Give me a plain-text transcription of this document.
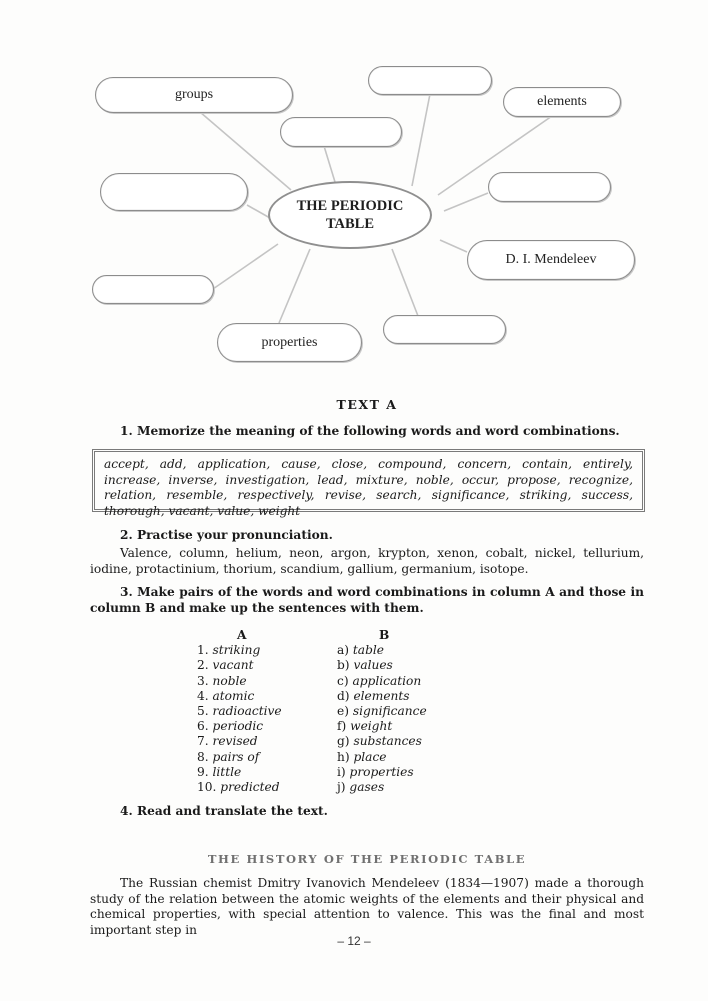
groups	elements
D. I. Mendeleev
properties
THE PERIODIC
TABLE
TEXT A
1. Memorize the meaning of the following words and word combinations.
accept, add, application, cause, close, compound, concern, contain, entirely, increase, inverse, investigation, lead, mixture, noble, occur, propose, recognize, relation, resemble, respectively, revise, search, significance, striking, success, thorough, vacant, value, weight
2. Practise your pronunciation.
Valence, column, helium, neon, argon, krypton, xenon, cobalt, nickel, tellurium, iodine, protactinium, thorium, scandium, gallium, germanium, isotope.
3. Make pairs of the words and word combinations in column A and those in column B and make up the sentences with them.
A
1. striking
2. vacant
3. noble
4. atomic
5. radioactive
6. periodic
7. revised
8. pairs of
9. little
10. predicted
B
a) table
b) values
c) application
d) elements
e) significance
f) weight
g) substances
h) place
i) properties
j) gases
4. Read and translate the text.
THE HISTORY OF THE PERIODIC TABLE
The Russian chemist Dmitry Ivanovich Mendeleev (1834—1907) made a thorough study of the relation between the atomic weights of the elements and their physical and chemical properties, with special attention to valence. This was the final and most important step in
– 12 –
